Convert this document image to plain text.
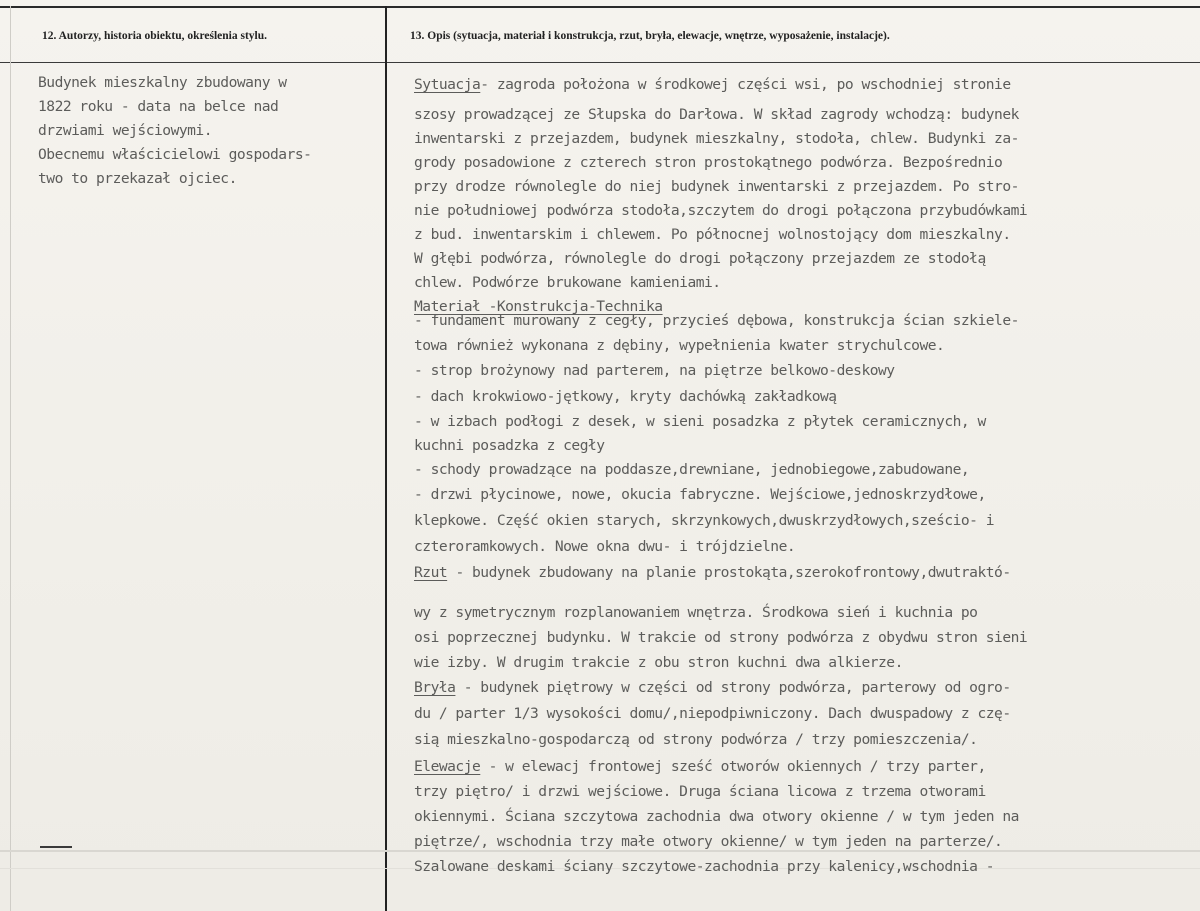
12. Autorzy, historia obiektu, określenia stylu.	13. Opis (sytuacja, materiał i konstrukcja, rzut, bryła, elewacje, wnętrze, wyposażenie, instalacje).
Budynek mieszkalny zbudowany w
1822 roku - data na belce nad
drzwiami wejściowymi.
Obecnemu właścicielowi gospodars-
two to przekazał ojciec.
Sytuacja- zagroda położona w środkowej części wsi, po wschodniej stronie
szosy prowadzącej ze Słupska do Darłowa. W skład zagrody wchodzą: budynek
inwentarski z przejazdem, budynek mieszkalny, stodoła, chlew. Budynki za-
grody posadowione z czterech stron prostokątnego podwórza. Bezpośrednio
przy drodze równolegle do niej budynek inwentarski z przejazdem. Po stro-
nie południowej podwórza stodoła,szczytem do drogi połączona przybudówkami
z bud. inwentarskim i chlewem. Po północnej wolnostojący dom mieszkalny.
W głębi podwórza, równolegle do drogi połączony przejazdem ze stodołą
chlew. Podwórze brukowane kamieniami.
Materiał -Konstrukcja-Technika
- fundament murowany z cegły, przycieś dębowa, konstrukcja ścian szkiele-
towa również wykonana z dębiny, wypełnienia kwater strychulcowe.
- strop brożynowy nad parterem, na piętrze belkowo-deskowy
- dach krokwiowo-jętkowy, kryty dachówką zakładkową
- w izbach podłogi z desek, w sieni posadzka z płytek ceramicznych, w
kuchni posadzka z cegły
- schody prowadzące na poddasze,drewniane, jednobiegowe,zabudowane,
- drzwi płycinowe, nowe, okucia fabryczne. Wejściowe,jednoskrzydłowe,
klepkowe. Część okien starych, skrzynkowych,dwuskrzydłowych,sześcio- i
czteroramkowych. Nowe okna dwu- i trójdzielne.
Rzut - budynek zbudowany na planie prostokąta,szerokofrontowy,dwutraktó-
wy z symetrycznym rozplanowaniem wnętrza. Środkowa sień i kuchnia po
osi poprzecznej budynku. W trakcie od strony podwórza z obydwu stron sieni
wie izby. W drugim trakcie z obu stron kuchni dwa alkierze.
Bryła - budynek piętrowy w części od strony podwórza, parterowy od ogro-
du / parter 1/3 wysokości domu/,niepodpiwniczony. Dach dwuspadowy z czę-
sią mieszkalno-gospodarczą od strony podwórza / trzy pomieszczenia/.
Elewacje - w elewacj frontowej sześć otworów okiennych / trzy parter,
trzy piętro/ i drzwi wejściowe. Druga ściana licowa z trzema otworami
okiennymi. Ściana szczytowa zachodnia dwa otwory okienne / w tym jeden na
piętrze/, wschodnia trzy małe otwory okienne/ w tym jeden na parterze/.
Szalowane deskami ściany szczytowe-zachodnia przy kalenicy,wschodnia -
